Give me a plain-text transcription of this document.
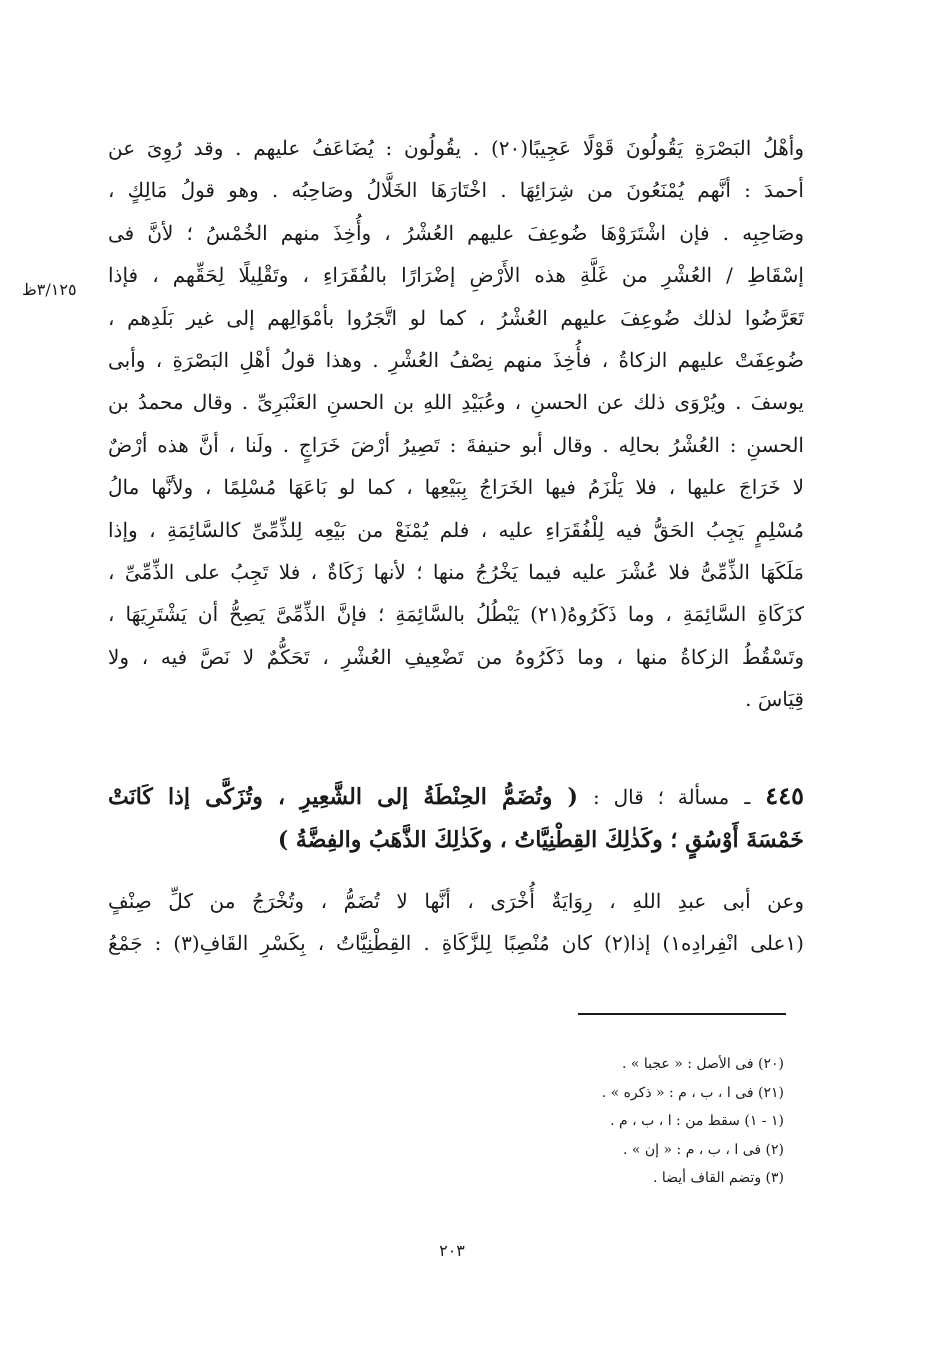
٣/١٢٥ظ
وأهْلُ البَصْرَةِ يَقُولُونَ قَوْلًا عَجِيبًا(٢٠) . يقُولُون : يُضَاعَفُ عليهم . وقد رُوِىَ عن
أحمدَ : أنَّهم يُمْنَعُونَ من شِرَائِهَا . اخْتَارَهَا الخَلَّالُ وصَاحِبُه . وهو قولُ مَالِكٍ ،
وصَاحِبِه . فإن اشْتَرَوْهَا ضُوعِفَ عليهم العُشْرُ ، وأُخِذَ منهم الخُمْسُ ؛ لأنَّ فى
إسْقَاطِ / العُشْرِ من غَلَّةِ هذه الأَرْضِ إضْرَارًا بالفُقَرَاءِ ، وتَقْلِيلًا لِحَقِّهم ، فإذا
تَعَرَّضُوا لذلك ضُوعِفَ عليهم العُشْرُ ، كما لو اتَّجَرُوا بأمْوَالِهم إلى غير بَلَدِهم ،
ضُوعِفَتْ عليهم الزكاةُ ، فأُخِذَ منهم نِصْفُ العُشْرِ . وهذا قولُ أهْلِ البَصْرَةِ ، وأبى
يوسفَ . ويُرْوَى ذلك عن الحسنِ ، وعُبَيْدِ اللهِ بن الحسنِ العَنْبَرِىِّ . وقال محمدُ بن
الحسنِ : العُشْرُ بحالِه . وقال أبو حنيفةَ : تَصِيرُ أرْضَ خَرَاجٍ . ولَنا ، أنَّ هذه أرْضٌ
لا خَرَاجَ عليها ، فلا يَلْزَمُ فيها الخَرَاجُ بِبَيْعِها ، كما لو بَاعَهَا مُسْلِمًا ، ولأنَّها مالُ
مُسْلِمٍ يَجِبُ الحَقُّ فيه لِلْفُقَرَاءِ عليه ، فلم يُمْنَعْ من بَيْعِه لِلذِّمِّىِّ كالسَّائِمَةِ ، وإذا
مَلَكَهَا الذِّمِّىُّ فلا عُشْرَ عليه فيما يَخْرُجُ منها ؛ لأنها زَكَاةٌ ، فلا تَجِبُ على الذِّمِّىِّ ،
كزَكَاةِ السَّائِمَةِ ، وما ذَكَرُوهُ(٢١) يَبْطُلُ بالسَّائِمَةِ ؛ فإنَّ الذِّمِّىَّ يَصِحُّ أن يَشْتَرِيَهَا ،
وتَسْقُطُ الزكاةُ منها ، وما ذَكَرُوهُ من تَضْعِيفِ العُشْرِ ، تَحَكُّمٌ لا نَصَّ فيه ، ولا
قِيَاسَ .
٤٤٥ ـ مسألة ؛ قال : ( وتُضَمُّ الحِنْطَةُ إلى الشَّعِيرِ ، وتُزَكَّى إذا كَانَتْ
خَمْسَةَ أَوْسُقٍ ؛ وكَذٰلِكَ القِطْنِيَّاتُ ، وكَذٰلِكَ الذَّهَبُ والفِضَّةُ )
وعن أبى عبدِ اللهِ ، رِوَايَةٌ أُخْرَى ، أنَّها لا تُضَمُّ ، وتُخْرَجُ من كلِّ صِنْفٍ
(١على انْفِرادِه١) إذا(٢) كان مُنْصِبًا لِلزَّكَاةِ . القِطْنِيَّاتُ ، بِكَسْرِ القَافِ(٣) : جَمْعُ
(٢٠) فى الأصل : « عجبا » .
(٢١) فى ا ، ب ، م : « ذكره » .
(١ - ١) سقط من : ا ، ب ، م .
(٢) فى ا ، ب ، م : « إن » .
(٣) وتضم القاف أيضا .
٢٠٣
